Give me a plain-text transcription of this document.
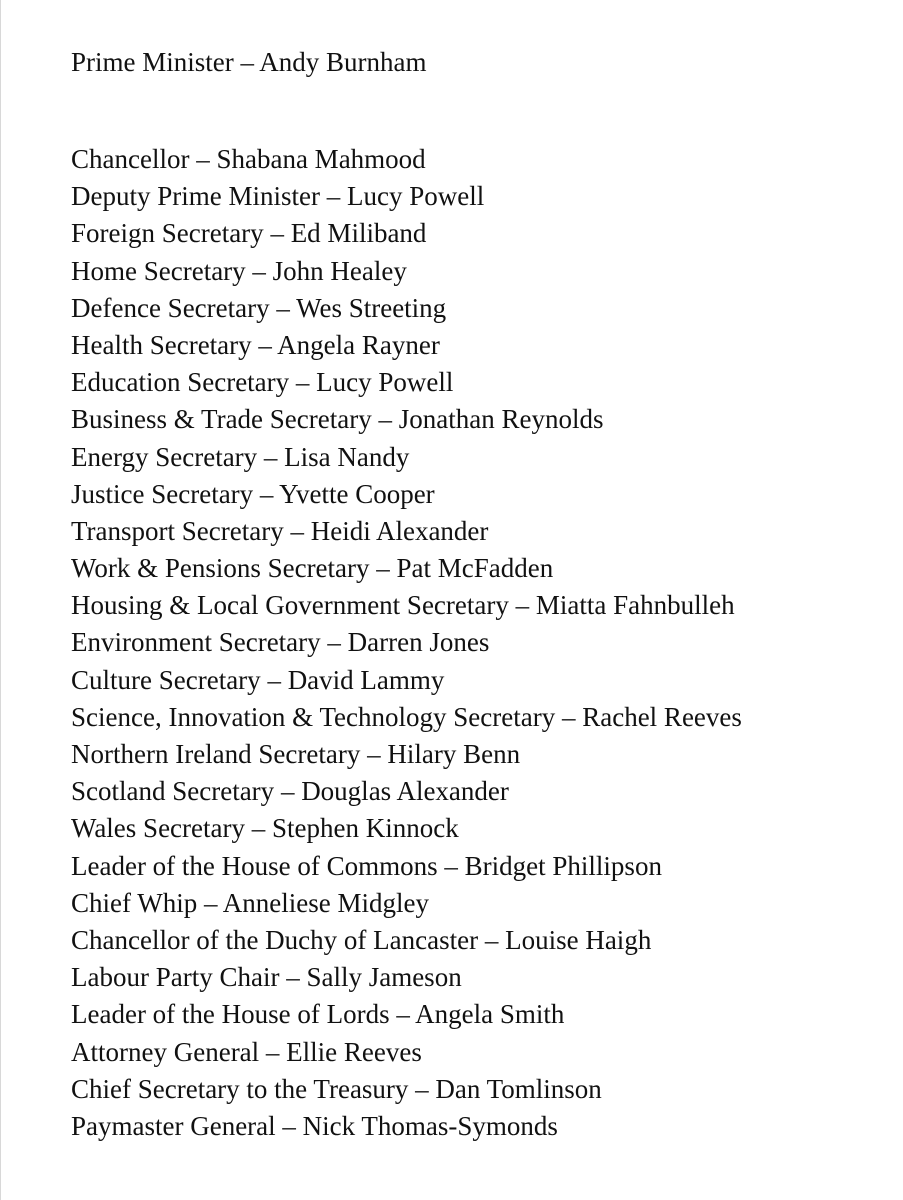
Prime Minister – Andy Burnham
Chancellor – Shabana Mahmood
Deputy Prime Minister – Lucy Powell
Foreign Secretary – Ed Miliband
Home Secretary – John Healey
Defence Secretary – Wes Streeting
Health Secretary – Angela Rayner
Education Secretary – Lucy Powell
Business & Trade Secretary – Jonathan Reynolds
Energy Secretary – Lisa Nandy
Justice Secretary – Yvette Cooper
Transport Secretary – Heidi Alexander
Work & Pensions Secretary – Pat McFadden
Housing & Local Government Secretary – Miatta Fahnbulleh
Environment Secretary – Darren Jones
Culture Secretary – David Lammy
Science, Innovation & Technology Secretary – Rachel Reeves
Northern Ireland Secretary – Hilary Benn
Scotland Secretary – Douglas Alexander
Wales Secretary – Stephen Kinnock
Leader of the House of Commons – Bridget Phillipson
Chief Whip – Anneliese Midgley
Chancellor of the Duchy of Lancaster – Louise Haigh
Labour Party Chair – Sally Jameson
Leader of the House of Lords – Angela Smith
Attorney General – Ellie Reeves
Chief Secretary to the Treasury – Dan Tomlinson
Paymaster General – Nick Thomas-Symonds
